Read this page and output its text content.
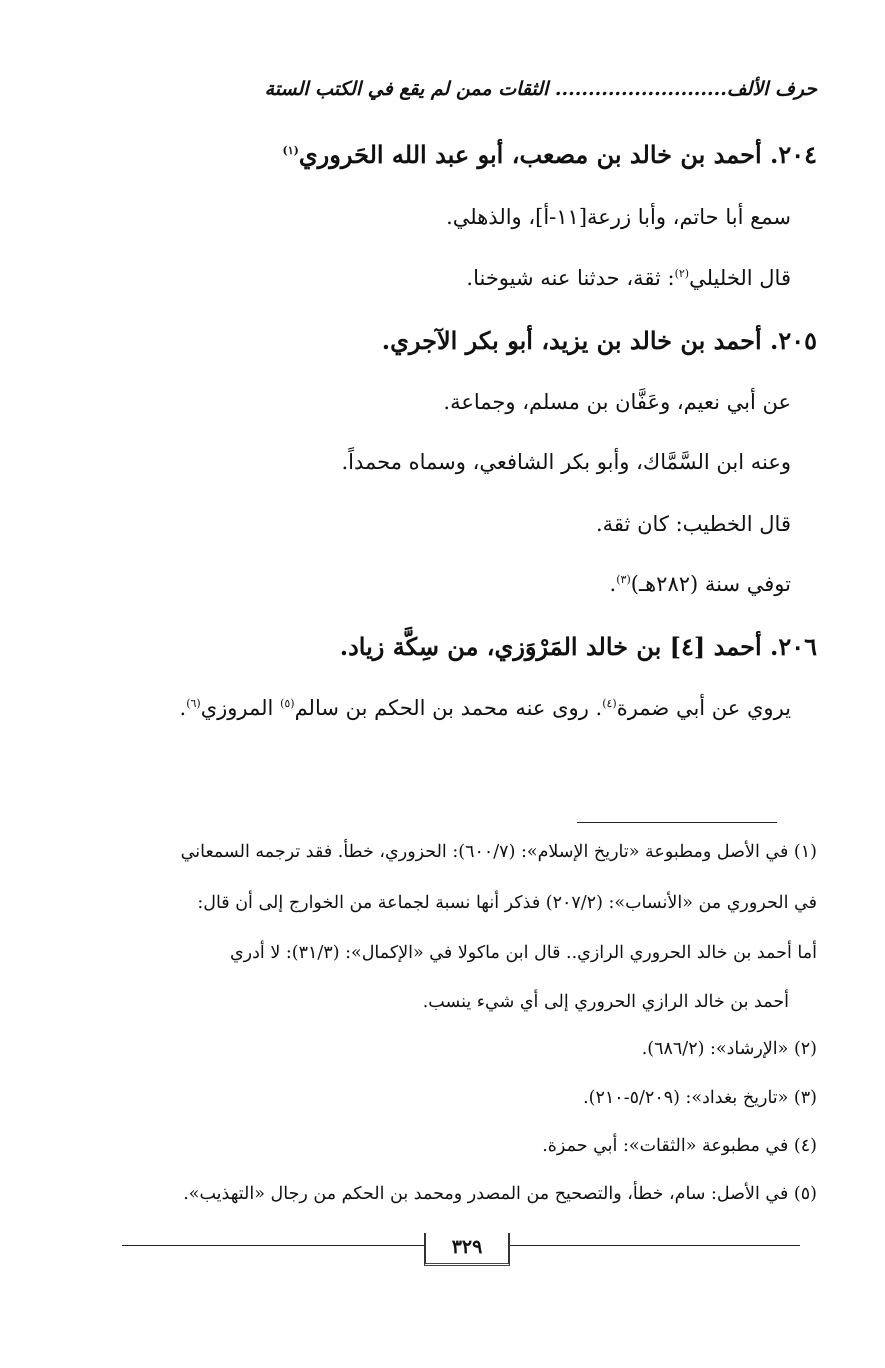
حرف الألف.......................... الثقات ممن لم يقع في الكتب الستة
٢٠٤. أحمد بن خالد بن مصعب، أبو عبد الله الحَروري$^{(١)}$
سمع أبا حاتم، وأبا زرعة[١١-أ]، والذهلي.
قال الخليلي$^{(٢)}$: ثقة، حدثنا عنه شيوخنا.
٢٠٥. أحمد بن خالد بن يزيد، أبو بكر الآجري.
عن أبي نعيم، وعَفَّان بن مسلم، وجماعة.
وعنه ابن السَّمَّاك، وأبو بكر الشافعي، وسماه محمداً.
قال الخطيب: كان ثقة.
توفي سنة (٢٨٢هـ)$^{(٣)}$.
٢٠٦. أحمد [٤] بن خالد المَرْوَزي، من سِكَّة زياد.
يروي عن أبي ضمرة$^{(٤)}$. روى عنه محمد بن الحكم بن سالم$^{(٥)}$ المروزي$^{(٦)}$.
(١) في الأصل ومطبوعة «تاريخ الإسلام»: (٦٠٠/٧): الحزوري، خطأ. فقد ترجمه السمعاني
في الحروري من «الأنساب»: (٢٠٧/٢) فذكر أنها نسبة لجماعة من الخوارج إلى أن قال:
أما أحمد بن خالد الحروري الرازي.. قال ابن ماكولا في «الإكمال»: (٣١/٣): لا أدري
أحمد بن خالد الرازي الحروري إلى أي شيء ينسب.
(٢) «الإرشاد»: (٦٨٦/٢).
(٣) «تاريخ بغداد»: (٥/٢٠٩-٢١٠).
(٤) في مطبوعة «الثقات»: أبي حمزة.
(٥) في الأصل: سام، خطأ، والتصحيح من المصدر ومحمد بن الحكم من رجال «التهذيب».
٣٢٩
